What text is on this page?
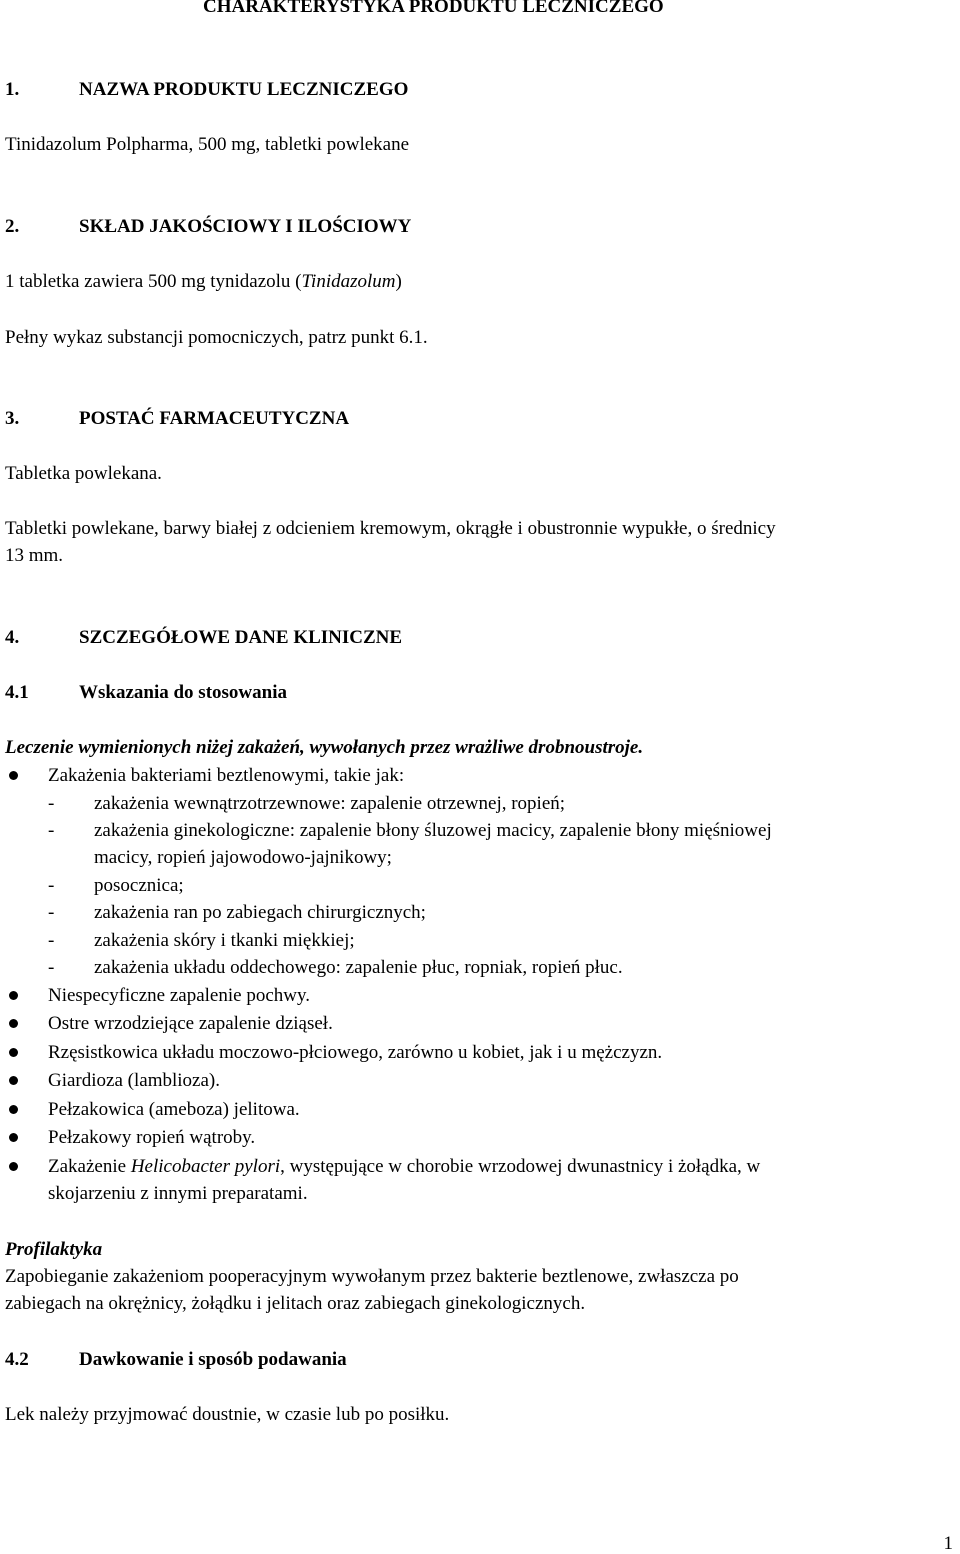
CHARAKTERYSTYKA PRODUKTU LECZNICZEGO
1.	NAZWA PRODUKTU LECZNICZEGO
Tinidazolum Polpharma, 500 mg, tabletki powlekane
2.	SKŁAD JAKOŚCIOWY I ILOŚCIOWY
1 tabletka zawiera 500 mg tynidazolu (Tinidazolum)
Pełny wykaz substancji pomocniczych, patrz punkt 6.1.
3.	POSTAĆ FARMACEUTYCZNA
Tabletka powlekana.
Tabletki powlekane, barwy białej z odcieniem kremowym, okrągłe i obustronnie wypukłe, o średnicy
13 mm.
4.	SZCZEGÓŁOWE DANE KLINICZNE
4.1	Wskazania do stosowania
Leczenie wymienionych niżej zakażeń, wywołanych przez wrażliwe drobnoustroje.
Zakażenia bakteriami beztlenowymi, takie jak:
- zakażenia wewnątrzotrzewnowe: zapalenie otrzewnej, ropień;
- zakażenia ginekologiczne: zapalenie błony śluzowej macicy, zapalenie błony mięśniowej
macicy, ropień jajowodowo-jajnikowy;
- posocznica;
- zakażenia ran po zabiegach chirurgicznych;
- zakażenia skóry i tkanki miękkiej;
- zakażenia układu oddechowego: zapalenie płuc, ropniak, ropień płuc.
Niespecyficzne zapalenie pochwy.
Ostre wrzodziejące zapalenie dziąseł.
Rzęsistkowica układu moczowo-płciowego, zarówno u kobiet, jak i u mężczyzn.
Giardioza (lamblioza).
Pełzakowica (ameboza) jelitowa.
Pełzakowy ropień wątroby.
Zakażenie Helicobacter pylori, występujące w chorobie wrzodowej dwunastnicy i żołądka, w
skojarzeniu z innymi preparatami.
Profilaktyka
Zapobieganie zakażeniom pooperacyjnym wywołanym przez bakterie beztlenowe, zwłaszcza po
zabiegach na okrężnicy, żołądku i jelitach oraz zabiegach ginekologicznych.
4.2	Dawkowanie i sposób podawania
Lek należy przyjmować doustnie, w czasie lub po posiłku.
1
